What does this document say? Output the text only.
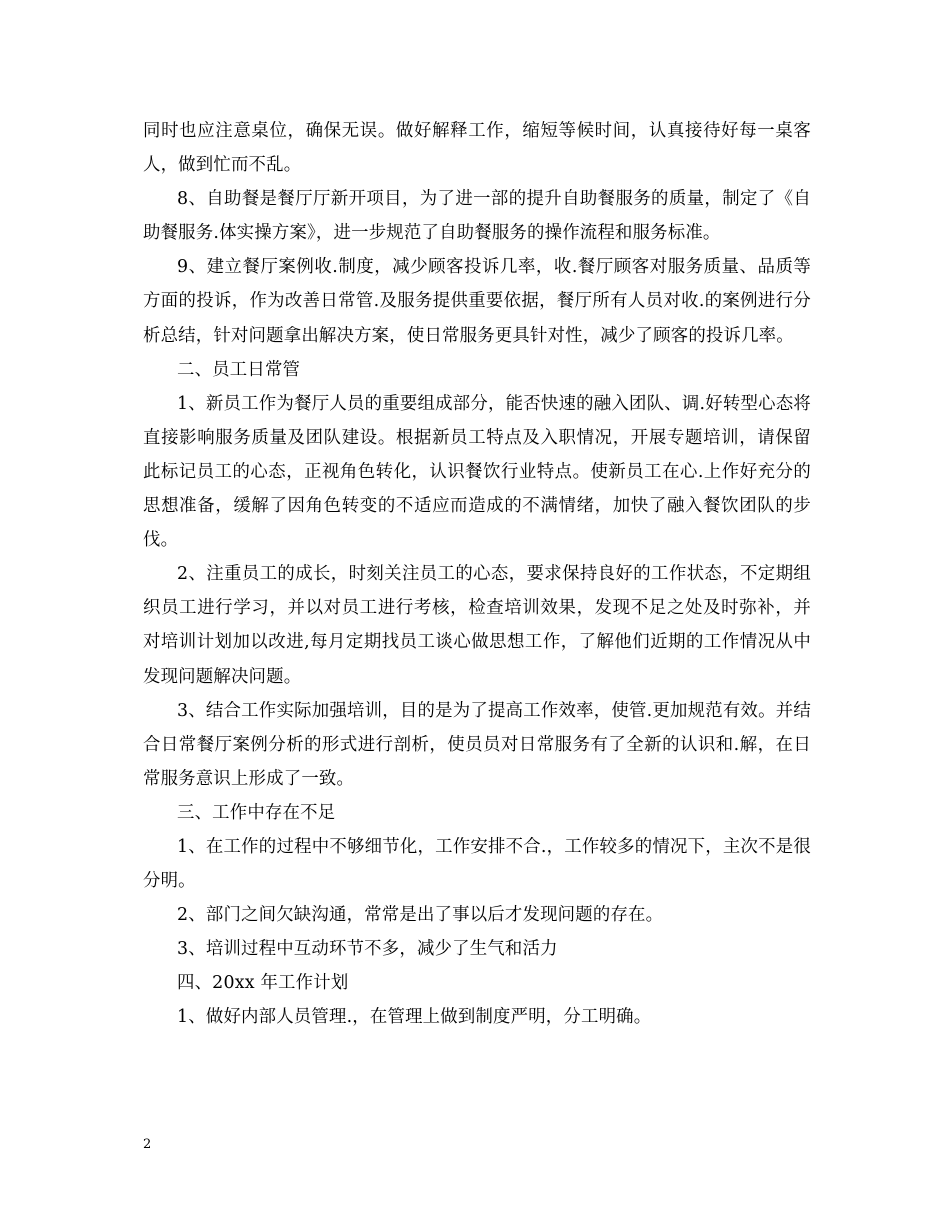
同时也应注意桌位，确保无误。做好解释工作，缩短等候时间，认真接待好每一桌客人，做到忙而不乱。

8、自助餐是餐厅厅新开项目，为了进一部的提升自助餐服务的质量，制定了《自助餐服务.体实操方案》，进一步规范了自助餐服务的操作流程和服务标准。

9、建立餐厅案例收.制度，减少顾客投诉几率，收.餐厅顾客对服务质量、品质等方面的投诉，作为改善日常管.及服务提供重要依据，餐厅所有人员对收.的案例进行分析总结，针对问题拿出解决方案，使日常服务更具针对性，减少了顾客的投诉几率。

二、员工日常管

1、新员工作为餐厅人员的重要组成部分，能否快速的融入团队、调.好转型心态将直接影响服务质量及团队建设。根据新员工特点及入职情况，开展专题培训，请保留此标记员工的心态，正视角色转化，认识餐饮行业特点。使新员工在心.上作好充分的思想准备，缓解了因角色转变的不适应而造成的不满情绪，加快了融入餐饮团队的步伐。

2、注重员工的成长，时刻关注员工的心态，要求保持良好的工作状态，不定期组织员工进行学习，并以对员工进行考核，检查培训效果，发现不足之处及时弥补，并对培训计划加以改进,每月定期找员工谈心做思想工作，了解他们近期的工作情况从中发现问题解决问题。

3、结合工作实际加强培训，目的是为了提高工作效率，使管.更加规范有效。并结合日常餐厅案例分析的形式进行剖析，使员员对日常服务有了全新的认识和.解，在日常服务意识上形成了一致。

三、工作中存在不足

1、在工作的过程中不够细节化，工作安排不合.，工作较多的情况下，主次不是很分明。

2、部门之间欠缺沟通，常常是出了事以后才发现问题的存在。

3、培训过程中互动环节不多，减少了生气和活力

四、20xx 年工作计划

1、做好内部人员管理.，在管理上做到制度严明，分工明确。

2
